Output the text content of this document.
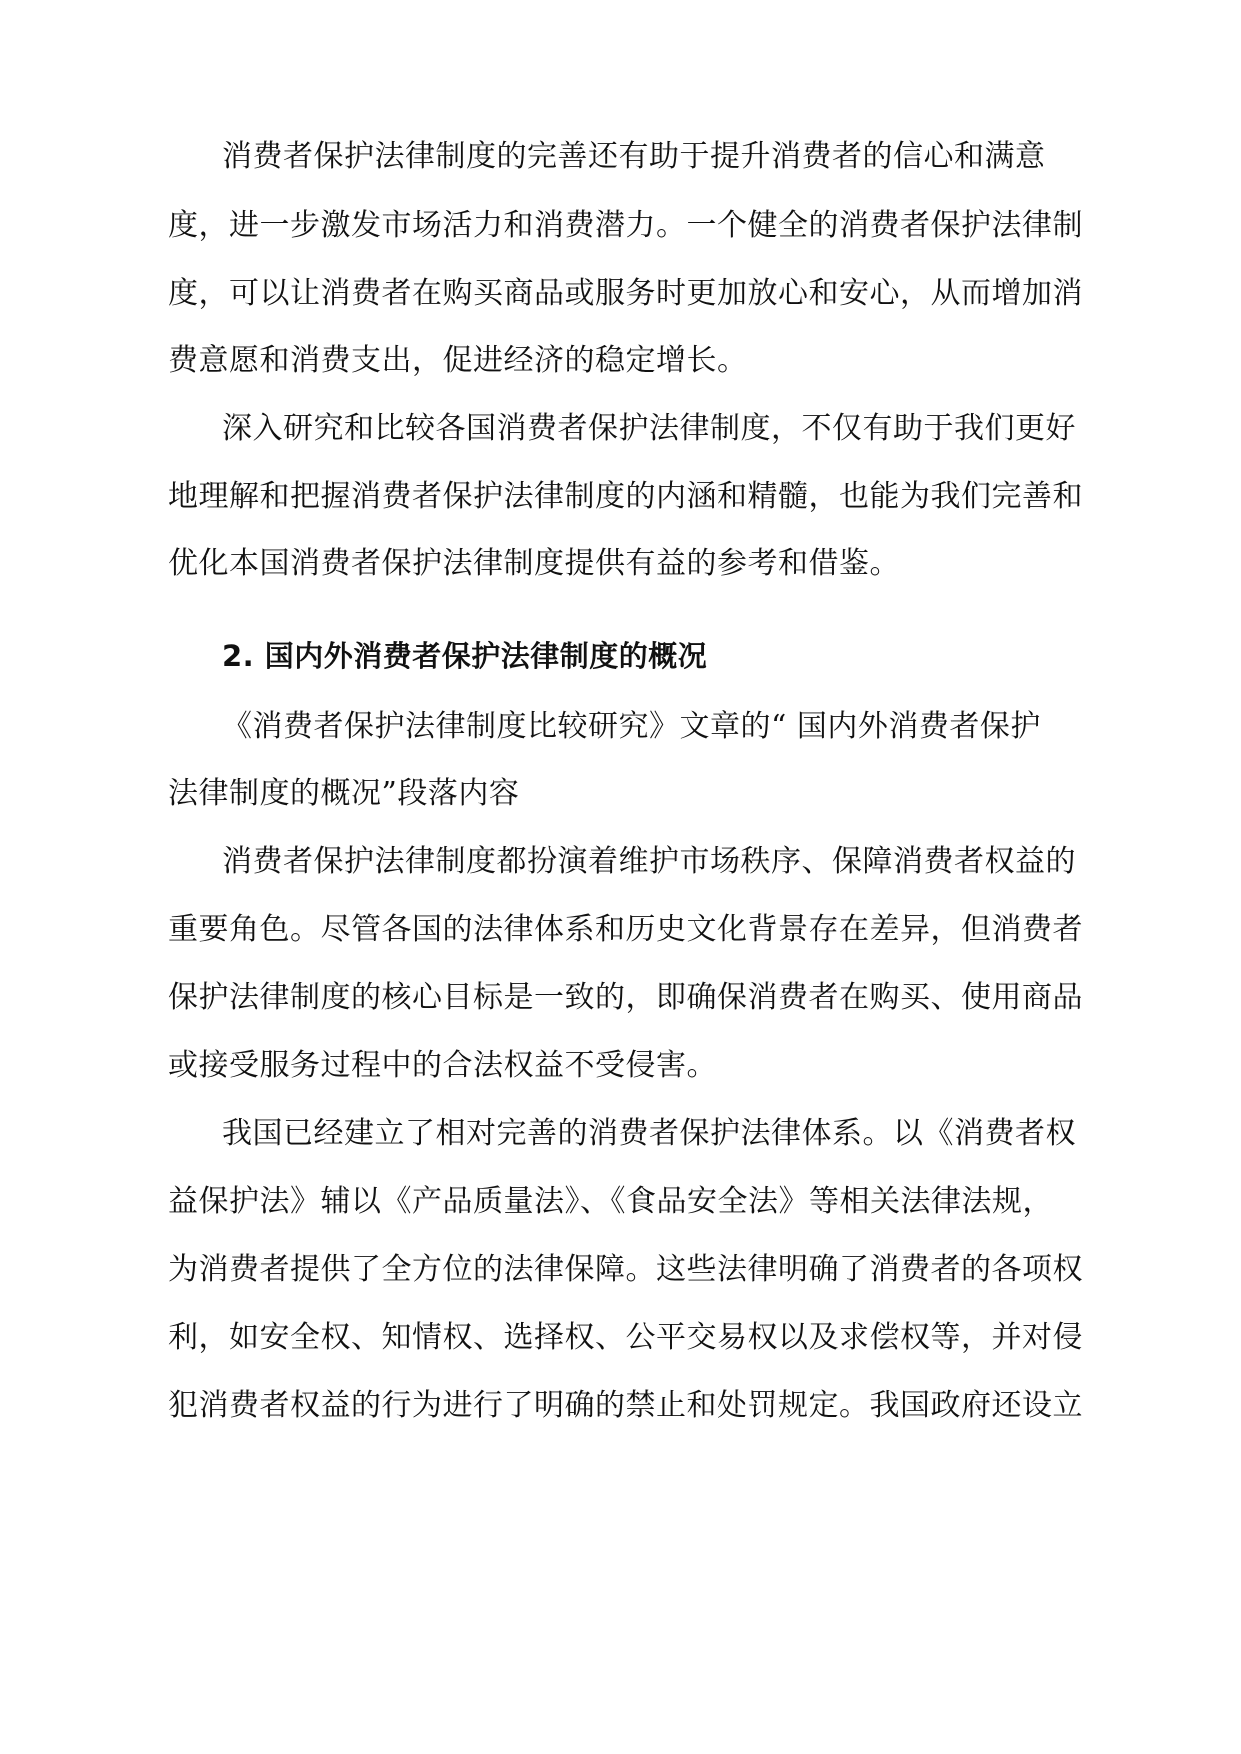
消费者保护法律制度的完善还有助于提升消费者的信心和满意
度，进一步激发市场活力和消费潜力。一个健全的消费者保护法律制
度，可以让消费者在购买商品或服务时更加放心和安心，从而增加消
费意愿和消费支出，促进经济的稳定增长。
深入研究和比较各国消费者保护法律制度，不仅有助于我们更好
地理解和把握消费者保护法律制度的内涵和精髓，也能为我们完善和
优化本国消费者保护法律制度提供有益的参考和借鉴。
2. 国内外消费者保护法律制度的概况
《消费者保护法律制度比较研究》文章的“ 国内外消费者保护
法律制度的概况”段落内容
消费者保护法律制度都扮演着维护市场秩序、保障消费者权益的
重要角色。尽管各国的法律体系和历史文化背景存在差异，但消费者
保护法律制度的核心目标是一致的，即确保消费者在购买、使用商品
或接受服务过程中的合法权益不受侵害。
我国已经建立了相对完善的消费者保护法律体系。以《消费者权
益保护法》辅以《产品质量法》、《食品安全法》等相关法律法规，
为消费者提供了全方位的法律保障。这些法律明确了消费者的各项权
利，如安全权、知情权、选择权、公平交易权以及求偿权等，并对侵
犯消费者权益的行为进行了明确的禁止和处罚规定。我国政府还设立
